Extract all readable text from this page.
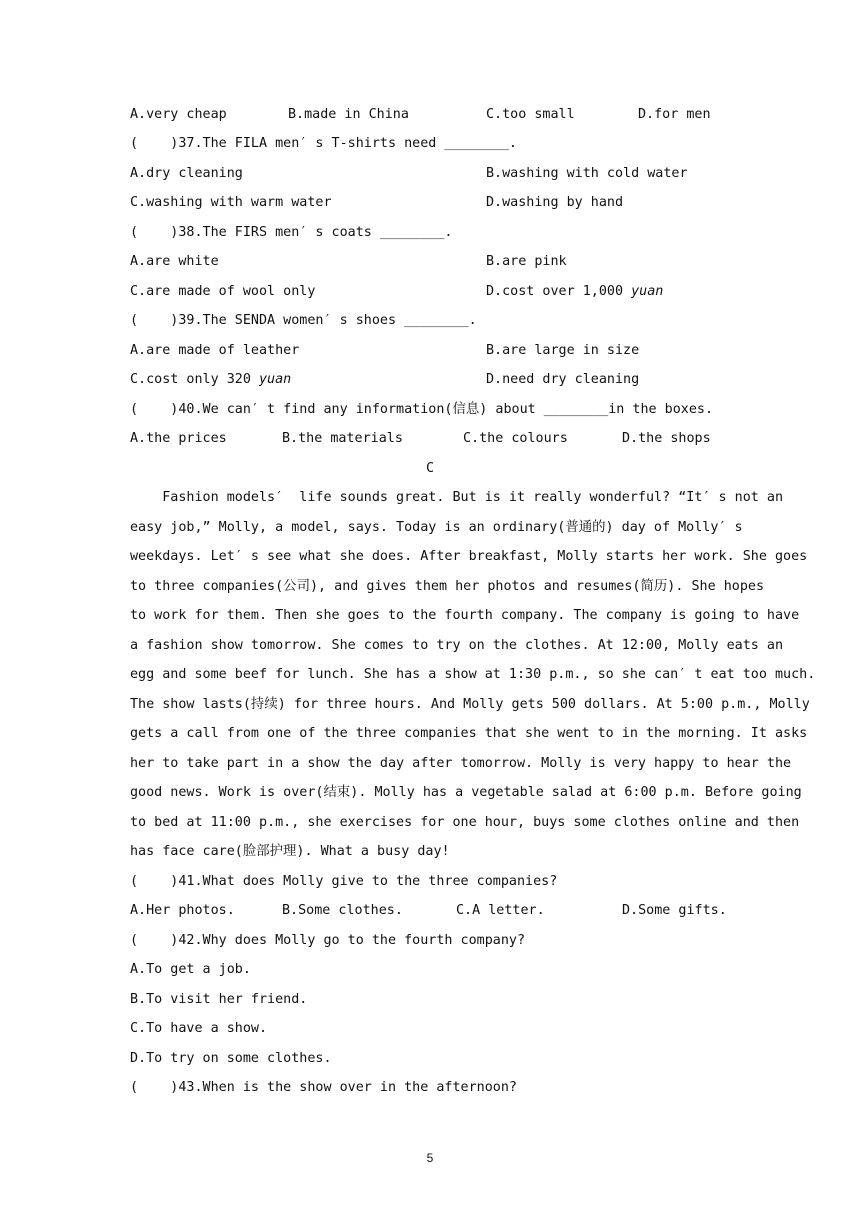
A.very cheap	B.made in China	C.too small	D.for men
(    )37.The FILA men′ s T-shirts need ________.
A.dry cleaning	B.washing with cold water
C.washing with warm water	D.washing by hand
(    )38.The FIRS men′ s coats ________.
A.are white	B.are pink
C.are made of wool only	D.cost over 1,000 yuan
(    )39.The SENDA women′ s shoes ________.
A.are made of leather	B.are large in size
C.cost only 320 yuan	D.need dry cleaning
(    )40.We can′ t find any information(信息) about ________in the boxes.
A.the prices	B.the materials	C.the colours	D.the shops
C
Fashion models′  life sounds great. But is it really wonderful? “It′ s not an
easy job,” Molly, a model, says. Today is an ordinary(普通的) day of Molly′ s
weekdays. Let′ s see what she does. After breakfast, Molly starts her work. She goes
to three companies(公司), and gives them her photos and resumes(简历). She hopes
to work for them. Then she goes to the fourth company. The company is going to have
a fashion show tomorrow. She comes to try on the clothes. At 12:00, Molly eats an
egg and some beef for lunch. She has a show at 1:30 p.m., so she can′ t eat too much.
The show lasts(持续) for three hours. And Molly gets 500 dollars. At 5:00 p.m., Molly
gets a call from one of the three companies that she went to in the morning. It asks
her to take part in a show the day after tomorrow. Molly is very happy to hear the
good news. Work is over(结束). Molly has a vegetable salad at 6:00 p.m. Before going
to bed at 11:00 p.m., she exercises for one hour, buys some clothes online and then
has face care(脸部护理). What a busy day!
(    )41.What does Molly give to the three companies?
A.Her photos.	B.Some clothes.	C.A letter.	D.Some gifts.
(    )42.Why does Molly go to the fourth company?
A.To get a job.
B.To visit her friend.
C.To have a show.
D.To try on some clothes.
(    )43.When is the show over in the afternoon?
5
